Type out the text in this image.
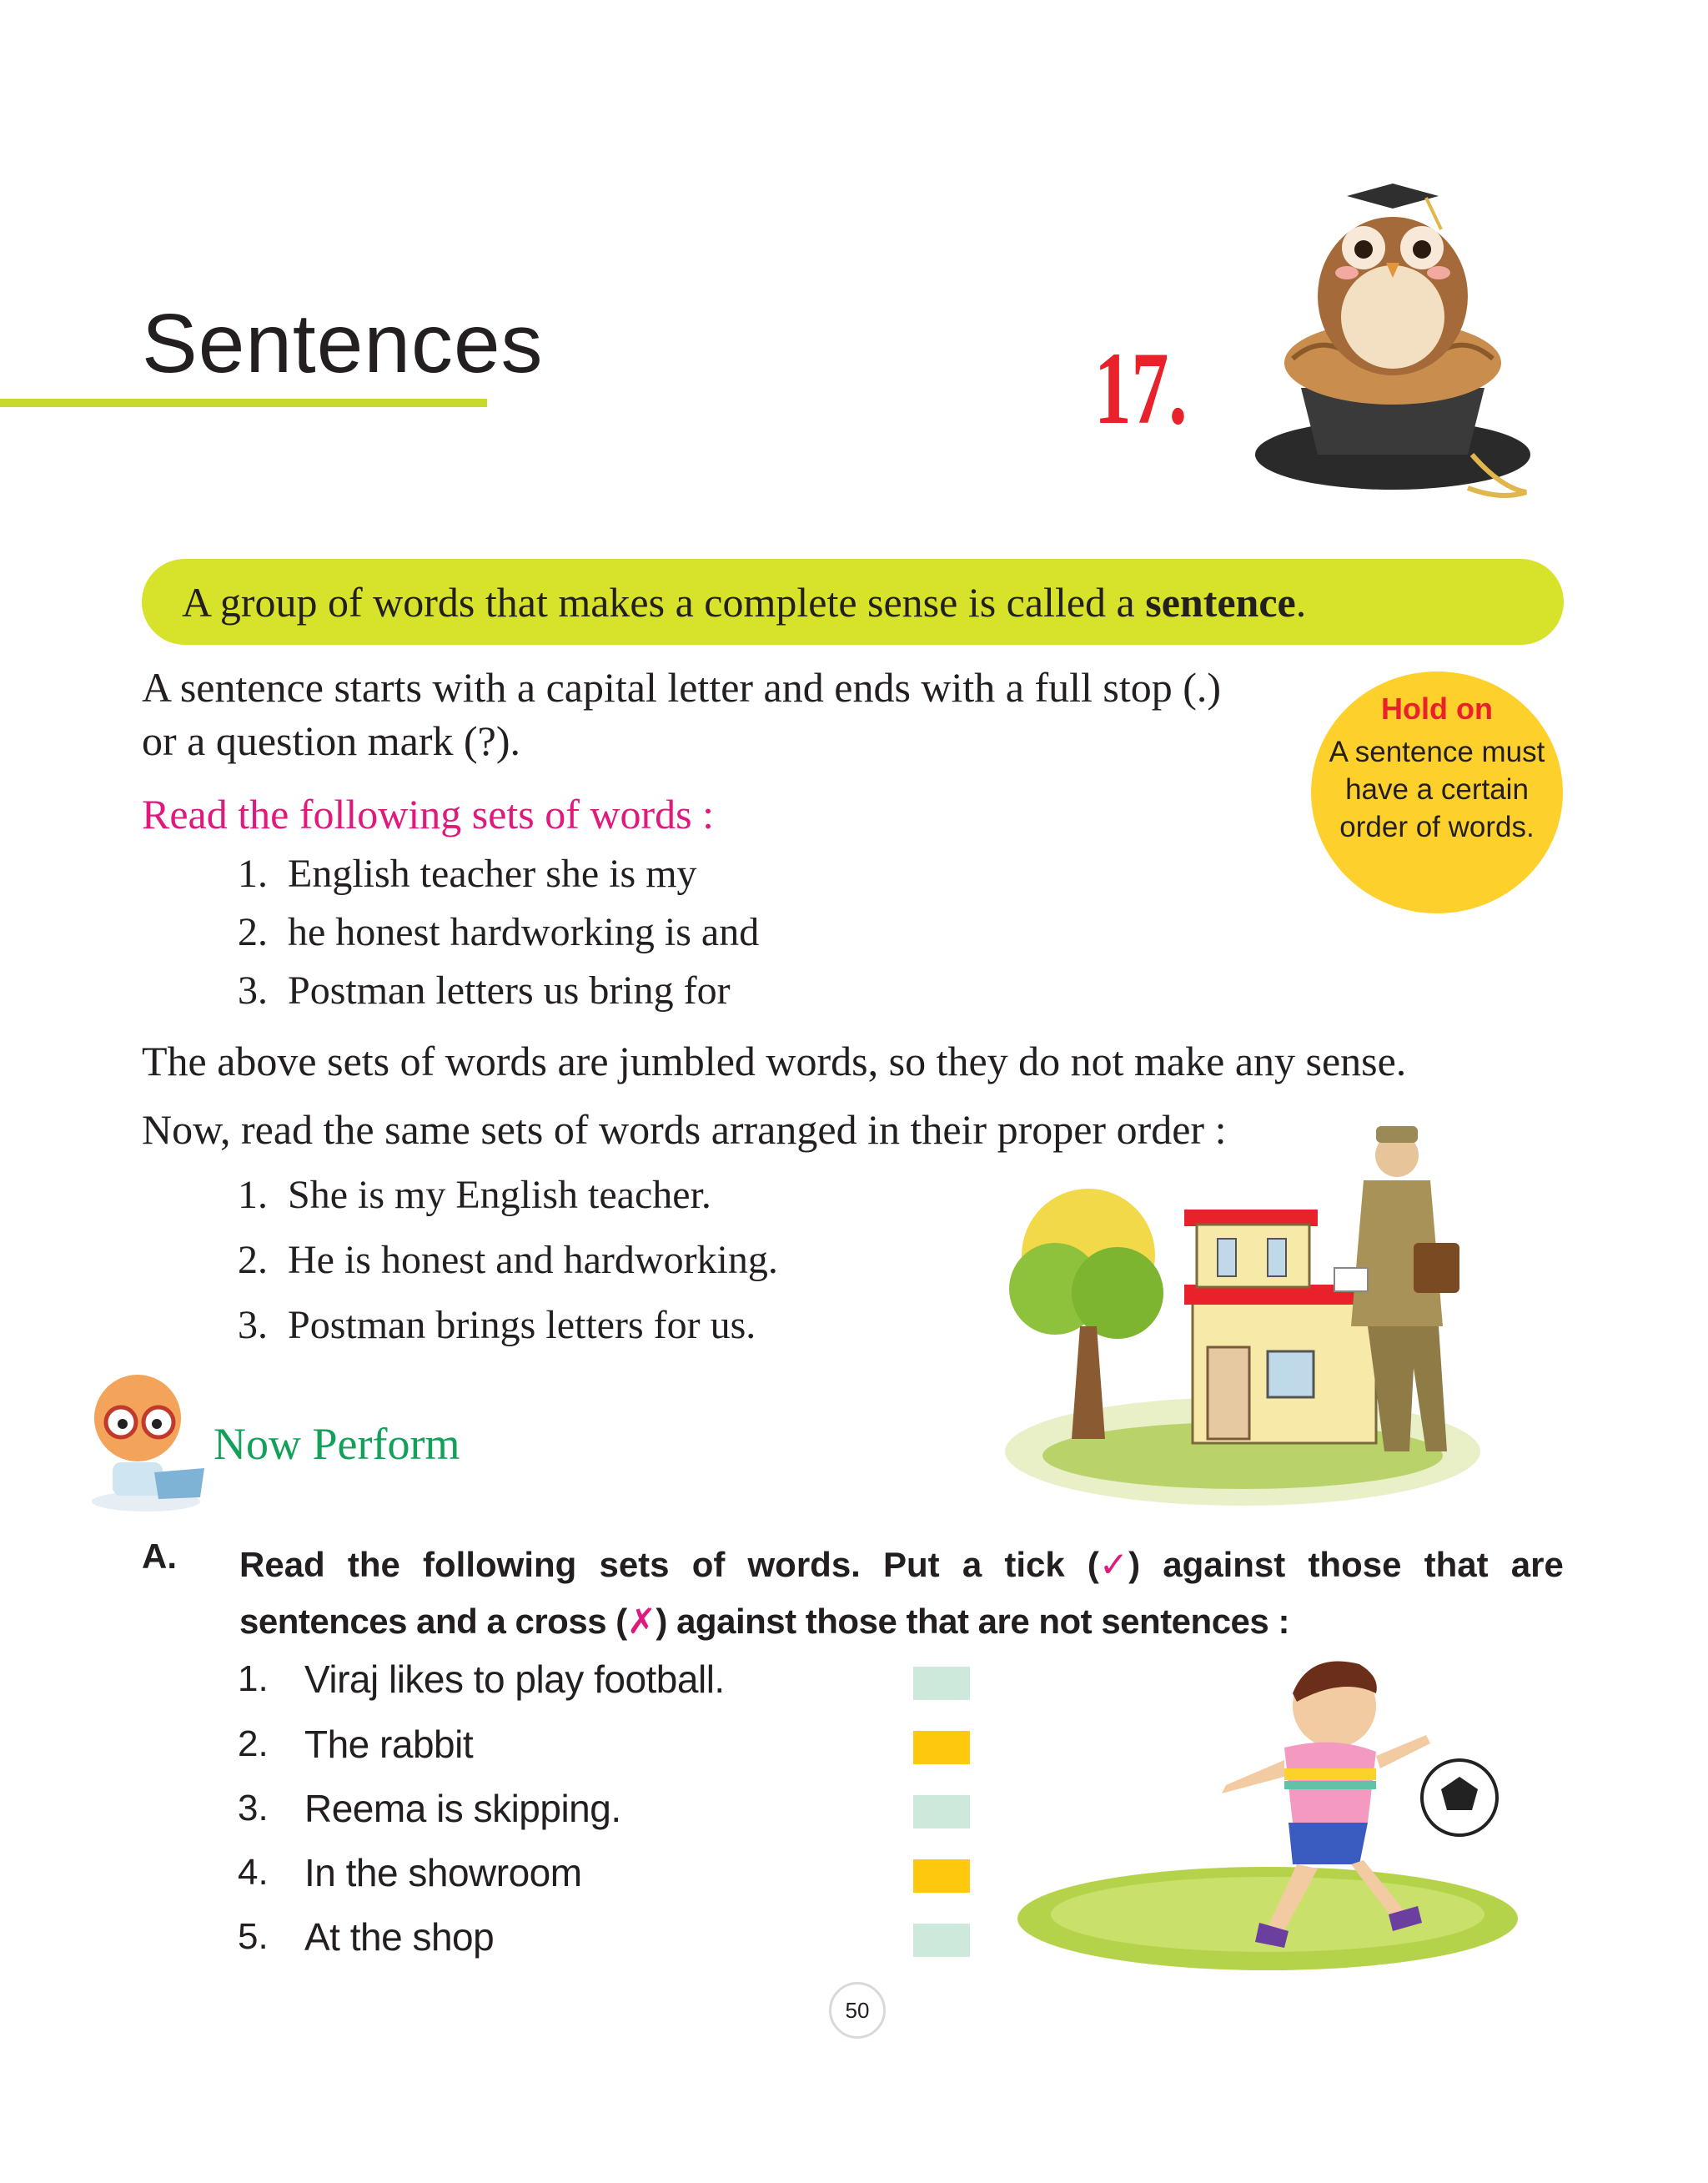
Sentences	17.
A group of words that makes a complete sense is called a sentence .
A sentence starts with a capital letter and ends with a full stop (.)
or a question mark (?).
Hold on
A sentence must have a certain order of words.
Read the following sets of words :
1. English teacher she is my
2. he honest hardworking is and
3. Postman letters us bring for
The above sets of words are jumbled words, so they do not make any sense.
Now, read the same sets of words arranged in their proper order :
1. She is my English teacher.
2. He is honest and hardworking.
3. Postman brings letters for us.
Now Perform
A. Read the following sets of words. Put a tick (✓) against those that are
sentences and a cross (✗) against those that are not sentences :
1. Viraj likes to play football.
2. The rabbit
3. Reema is skipping.
4. In the showroom
5. At the shop
50
